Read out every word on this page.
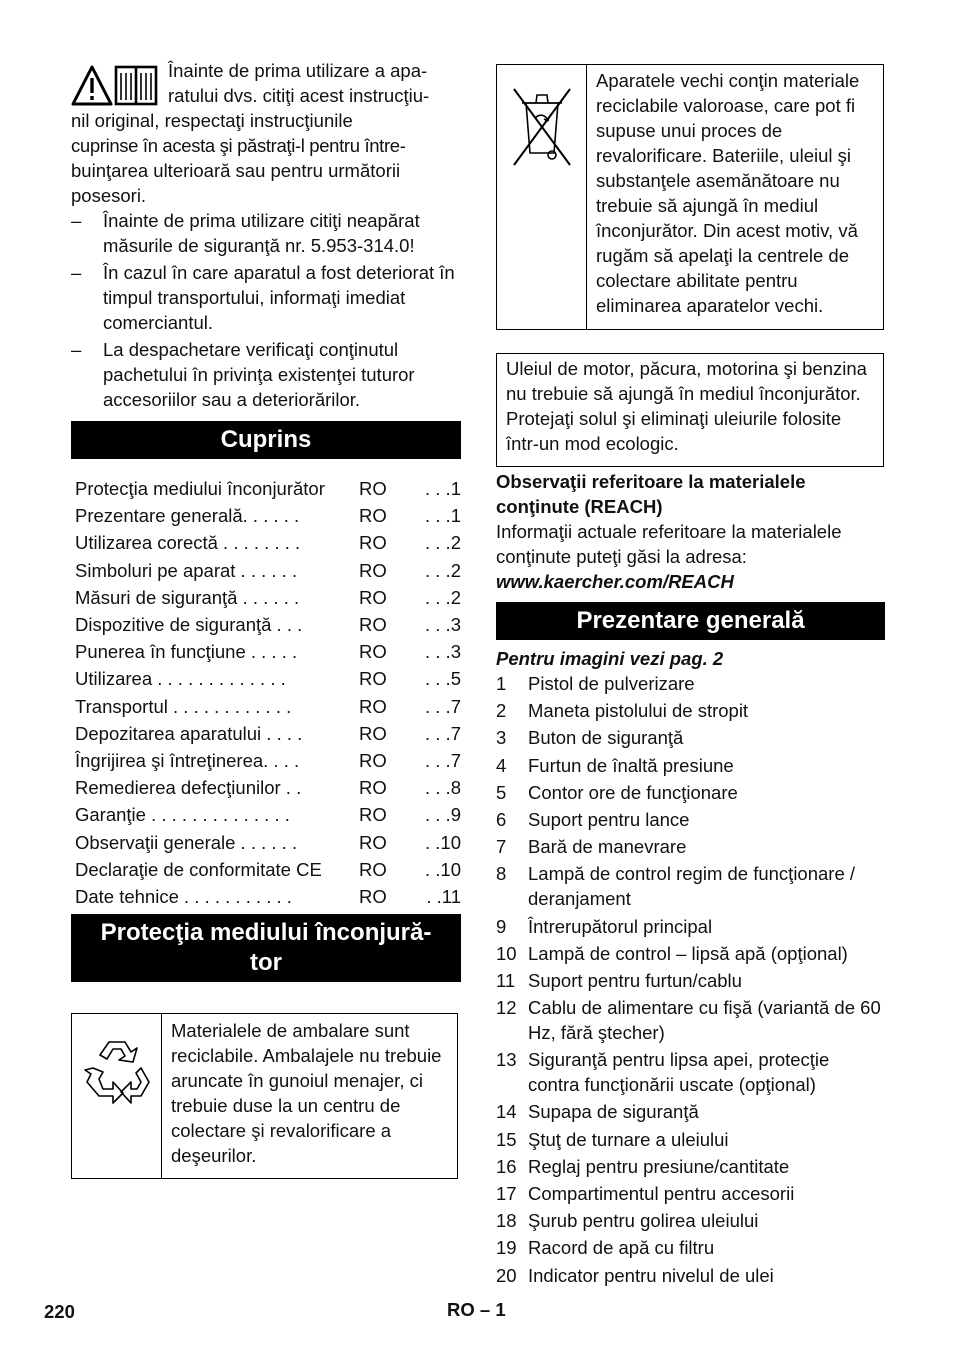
Înainte de prima utilizare a apa-

ratului dvs. citiţi acest instrucţiu-

nil original, respectaţi instrucţiunile

cuprinse în acesta şi păstraţi-l pentru între-

buinţarea ulterioară sau pentru următorii

posesori.

– Înainte de prima utilizare citiţi neapărat măsurile de siguranţă nr. 5.953-314.0!
– În cazul în care aparatul a fost deteriorat în timpul transportului, informaţi imediat comerciantul.
– La despachetare verificaţi conţinutul pachetului în privinţa existenţei tuturor accesoriilor sau a deteriorărilor.
Cuprins
Protecţia mediului înconjurător	RO	. . .1
Prezentare generală. . . . . .	RO	. . .1
Utilizarea corectă . . . . . . . .	RO	. . .2
Simboluri pe aparat . . . . . .	RO	. . .2
Măsuri de siguranţă . . . . . .	RO	. . .2
Dispozitive de siguranţă . . .	RO	. . .3
Punerea în funcţiune . . . . .	RO	. . .3
Utilizarea . . . . . . . . . . . . .	RO	. . .5
Transportul . . . . . . . . . . . .	RO	. . .7
Depozitarea aparatului . . . .	RO	. . .7
Îngrijirea şi întreţinerea. . . .	RO	. . .7
Remedierea defecţiunilor . .	RO	. . .8
Garanţie . . . . . . . . . . . . . .	RO	. . .9
Observaţii generale . . . . . .	RO	. .10
Declaraţie de conformitate CE	RO	. .10
Date tehnice . . . . . . . . . . .	RO	. .11
Protecţia mediului înconjură-
tor
Materialele de ambalare sunt reciclabile. Ambalajele nu trebuie aruncate în gunoiul menajer, ci trebuie duse la un centru de colectare şi revalorificare a deşeurilor.
Aparatele vechi conţin materiale reciclabile valoroase, care pot fi supuse unui proces de revalorificare. Bateriile, uleiul şi substanţele asemănătoare nu trebuie să ajungă în mediul înconjurător. Din acest motiv, vă rugăm să apelaţi la centrele de colectare abilitate pentru eliminarea aparatelor vechi.
Uleiul de motor, păcura, motorina şi benzina nu trebuie să ajungă în mediul înconjurător. Protejaţi solul şi eliminaţi uleiurile folosite într-un mod ecologic.
Observaţii referitoare la materialele conţinute (REACH)
Informaţii actuale referitoare la materialele conţinute puteţi găsi la adresa:
www.kaercher.com/REACH
Prezentare generală
Pentru imagini vezi pag. 2
1	Pistol de pulverizare
2	Maneta pistolului de stropit
3	Buton de siguranţă
4	Furtun de înaltă presiune
5	Contor ore de funcţionare
6	Suport pentru lance
7	Bară de manevrare
8	Lampă de control regim de funcţionare / deranjament
9	Întrerupătorul principal
10 Lampă de control – lipsă apă (opţional)
11 Suport pentru furtun/cablu
12 Cablu de alimentare cu fişă (variantă de 60 Hz, fără ştecher)
13 Siguranţă pentru lipsa apei, protecţie contra funcţionării uscate (opţional)
14 Supapa de siguranţă
15 Ştuţ de turnare a uleiului
16 Reglaj pentru presiune/cantitate
17 Compartimentul pentru accesorii
18 Şurub pentru golirea uleiului
19 Racord de apă cu filtru
20 Indicator pentru nivelul de ulei
220	RO – 1
